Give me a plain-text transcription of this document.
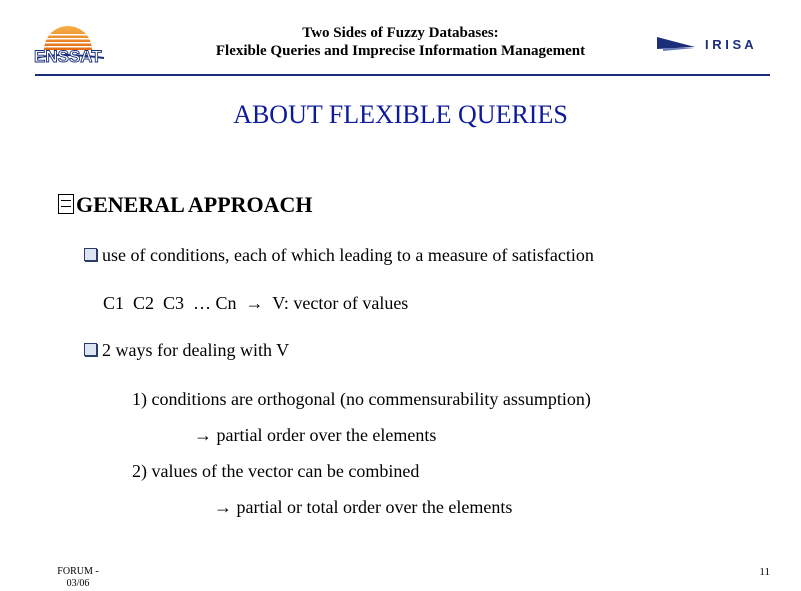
Two Sides of Fuzzy Databases:
Flexible Queries and Imprecise Information Management
ENSSAT
I R I S A
ABOUT FLEXIBLE QUERIES
GENERAL APPROACH
use of conditions, each of which leading to a measure of satisfaction
C1  C2  C3  … Cn  →  V: vector of values
2 ways for dealing with V
1) conditions are orthogonal (no commensurability assumption)
→ partial order over the elements
2) values of the vector can be combined
→ partial or total order over the elements
FORUM -
03/06
11
